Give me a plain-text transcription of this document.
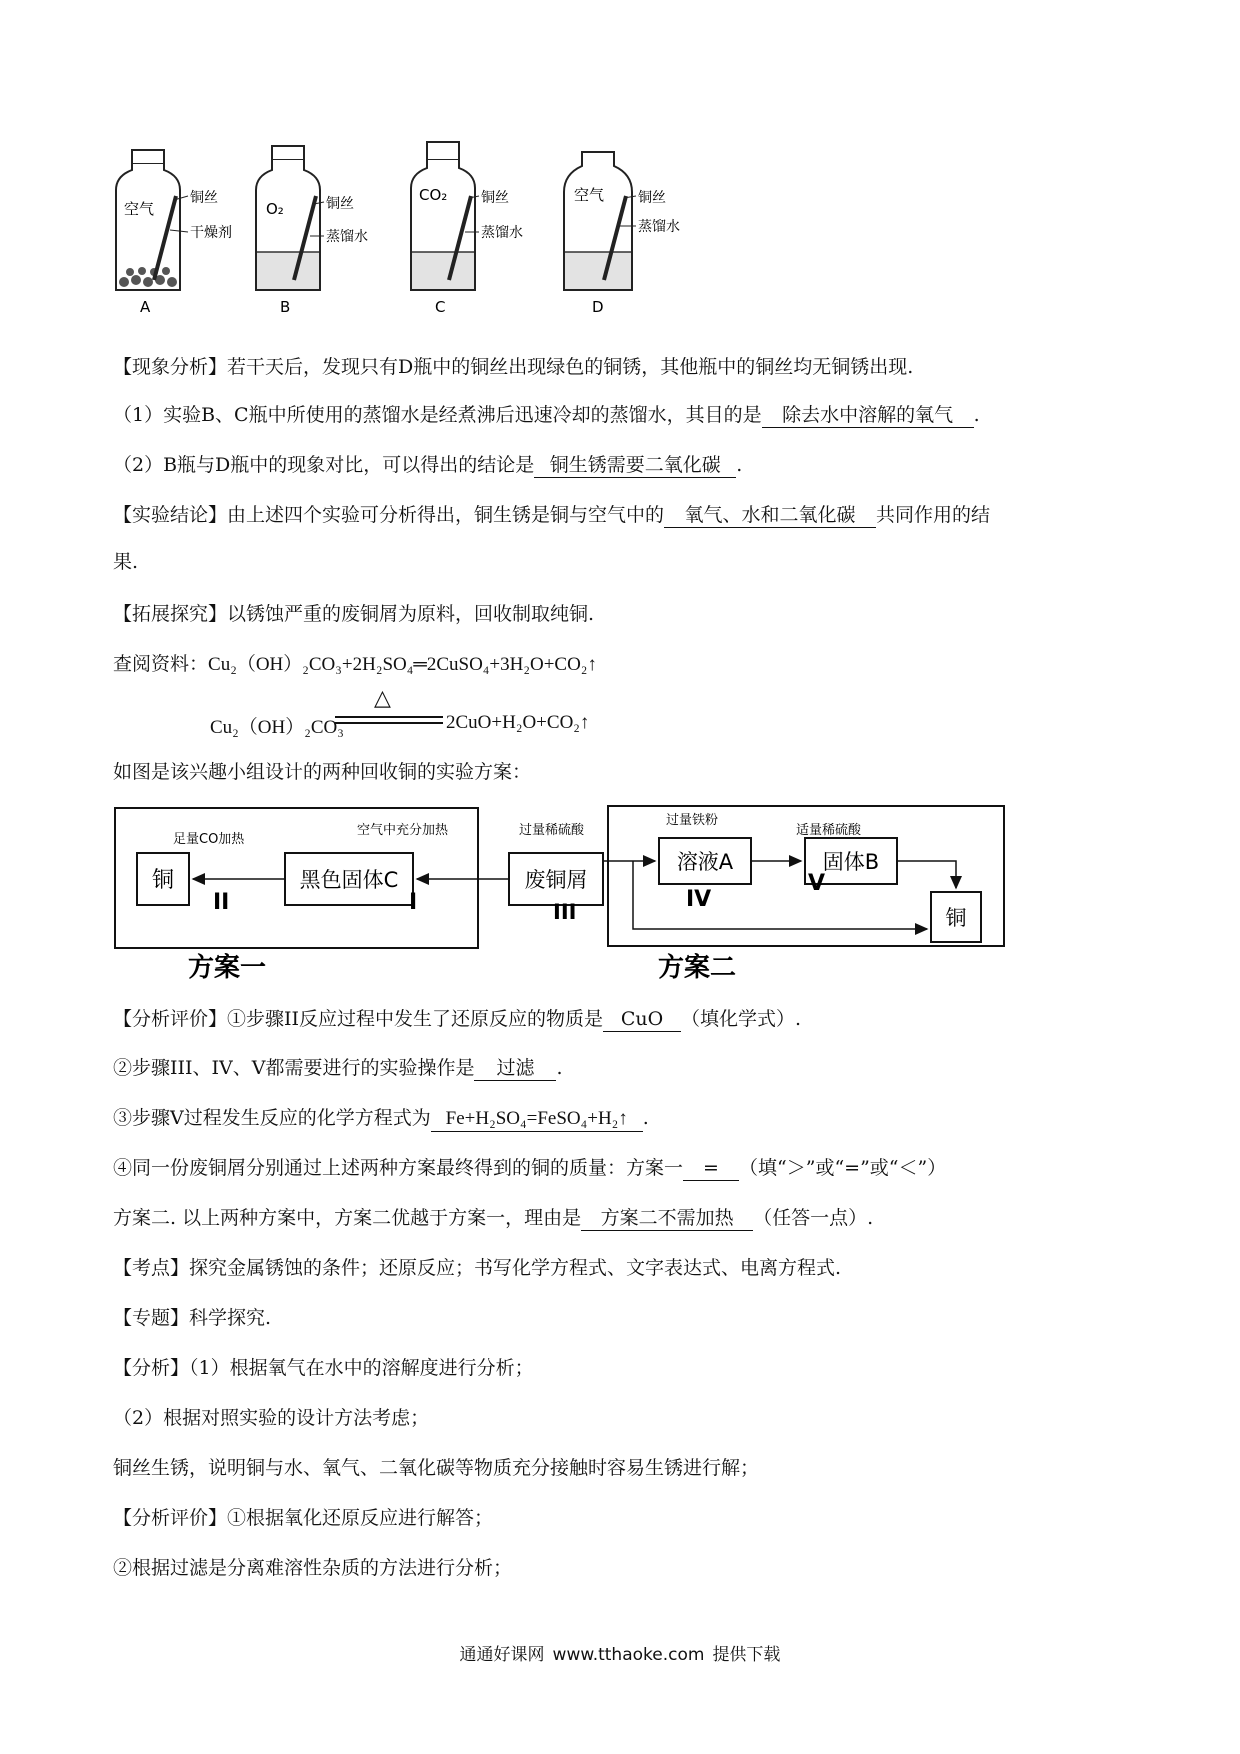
空气
铜丝
干燥剂
A
O₂	铜丝
蒸馏水
B
CO₂ 铜丝
蒸馏水
C
空气 铜丝
蒸馏水
D
【现象分析】若干天后，发现只有D瓶中的铜丝出现绿色的铜锈，其他瓶中的铜丝均无铜锈出现.
（1）实验B、C瓶中所使用的蒸馏水是经煮沸后迅速冷却的蒸馏水，其目的是 除去水中溶解的氧气 .
（2）B瓶与D瓶中的现象对比，可以得出的结论是 铜生锈需要二氧化碳 .
【实验结论】由上述四个实验可分析得出，铜生锈是铜与空气中的 氧气、水和二氧化碳 共同作用的结
果.
【拓展探究】以锈蚀严重的废铜屑为原料，回收制取纯铜.
查阅资料：Cu₂（OH）₂CO₃+2H₂SO₄═2CuSO₄+3H₂O+CO₂↑
Cu₂（OH）₂CO₃
△
2CuO+H₂O+CO₂↑
如图是该兴趣小组设计的两种回收铜的实验方案：
铜	黑色固体C	废铜屑
溶液A	固体B
铜
足量CO加热
空气中充分加热	过量稀硫酸
过量铁粉
适量稀硫酸
II	I	III	IV
V
方案一	方案二
【分析评价】①步骤II反应过程中发生了还原反应的物质是 CuO （填化学式）.
②步骤III、IV、V都需要进行的实验操作是 过滤 .
③步骤V过程发生反应的化学方程式为 Fe+H₂SO₄=FeSO₄+H₂↑ .
④同一份废铜屑分别通过上述两种方案最终得到的铜的质量：方案一 = （填“＞”或“=”或“＜”）
方案二. 以上两种方案中，方案二优越于方案一，理由是 方案二不需加热 （任答一点）.
【考点】探究金属锈蚀的条件；还原反应；书写化学方程式、文字表达式、电离方程式.
【专题】科学探究.
【分析】（1）根据氧气在水中的溶解度进行分析；
（2）根据对照实验的设计方法考虑；
铜丝生锈，说明铜与水、氧气、二氧化碳等物质充分接触时容易生锈进行解；
【分析评价】①根据氧化还原反应进行解答；
②根据过滤是分离难溶性杂质的方法进行分析；
通通好课网 www.tthaoke.com 提供下载
